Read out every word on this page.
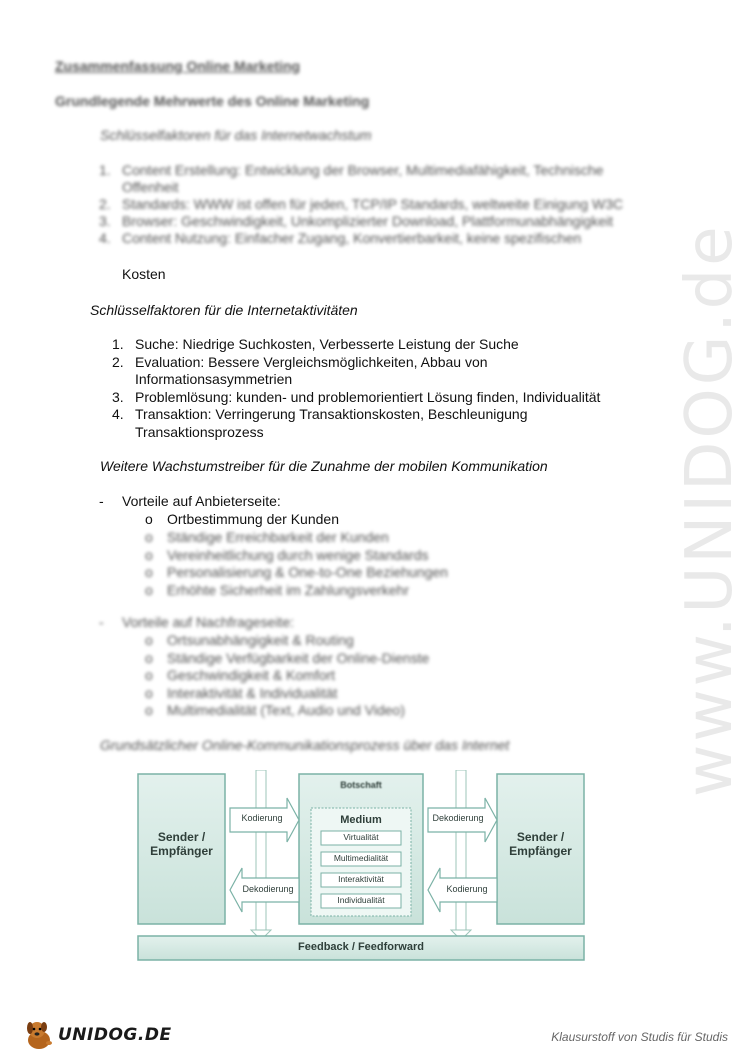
www.UNIDOG.de
Zusammenfassung Online Marketing
Grundlegende Mehrwerte des Online Marketing
Schlüsselfaktoren für das Internetwachstum
1. Content Erstellung: Entwicklung der Browser, Multimediafähigkeit, Technische Offenheit
2. Standards: WWW ist offen für jeden, TCP/IP Standards, weltweite Einigung W3C
3. Browser: Geschwindigkeit, Unkomplizierter Download, Plattformunabhängigkeit
4. Content Nutzung: Einfacher Zugang, Konvertierbarkeit, keine spezifischen
Kosten
Schlüsselfaktoren für die Internetaktivitäten
1. Suche: Niedrige Suchkosten, Verbesserte Leistung der Suche
2. Evaluation: Bessere Vergleichsmöglichkeiten, Abbau von
Informationsasymmetrien
3. Problemlösung: kunden- und problemorientiert Lösung finden, Individualität
4. Transaktion: Verringerung Transaktionskosten, Beschleunigung
Transaktionsprozess
Weitere Wachstumstreiber für die Zunahme der mobilen Kommunikation
- Vorteile auf Anbieterseite:
o Ortbestimmung der Kunden
o Ständige Erreichbarkeit der Kunden
o Vereinheitlichung durch wenige Standards
o Personalisierung & One-to-One Beziehungen
o Erhöhte Sicherheit im Zahlungsverkehr
- Vorteile auf Nachfrageseite:
o Ortsunabhängigkeit & Routing
o Ständige Verfügbarkeit der Online-Dienste
o Geschwindigkeit & Komfort
o Interaktivität & Individualität
o Multimedialität (Text, Audio und Video)
Grundsätzlicher Online-Kommunikationsprozess über das Internet
Sender / Empfänger
Sender / Empfänger
Botschaft
Medium
Virtualität
Multimedialität
Interaktivität
Individualität
Kodierung
Dekodierung
Dekodierung
Kodierung
Feedback / Feedforward
UNIDOG.DE	Klausurstoff von Studis für Studis
